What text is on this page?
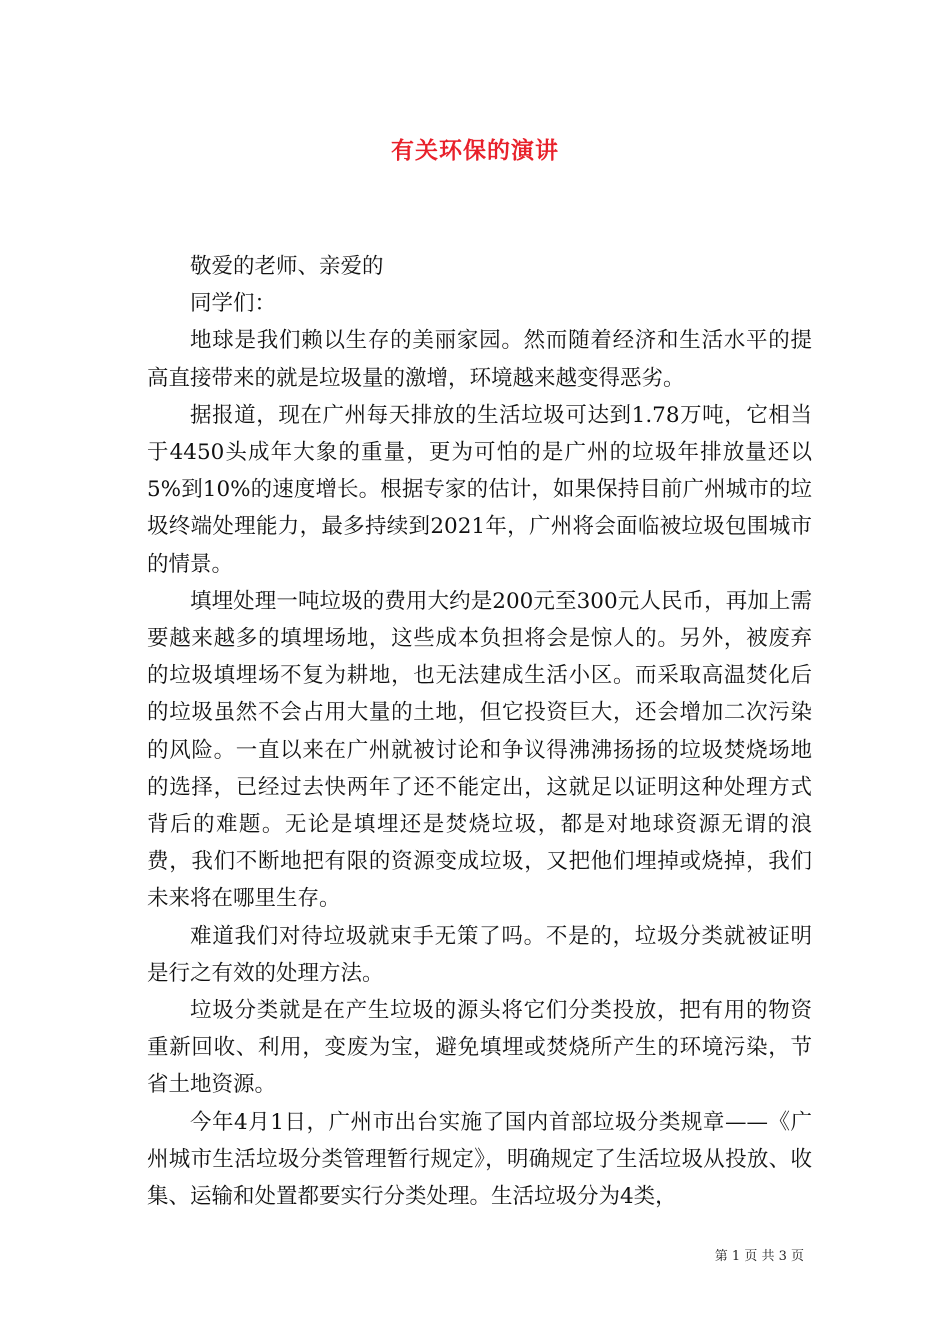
有关环保的演讲

敬爱的老师、亲爱的

同学们：

地球是我们赖以生存的美丽家园。然而随着经济和生活水平的提高直接带来的就是垃圾量的激增，环境越来越变得恶劣。

据报道，现在广州每天排放的生活垃圾可达到1.78万吨，它相当于4450头成年大象的重量，更为可怕的是广州的垃圾年排放量还以5%到10%的速度增长。根据专家的估计，如果保持目前广州城市的垃圾终端处理能力，最多持续到2021年，广州将会面临被垃圾包围城市的情景。

填埋处理一吨垃圾的费用大约是200元至300元人民币，再加上需要越来越多的填埋场地，这些成本负担将会是惊人的。另外，被废弃的垃圾填埋场不复为耕地，也无法建成生活小区。而采取高温焚化后的垃圾虽然不会占用大量的土地，但它投资巨大，还会增加二次污染的风险。一直以来在广州就被讨论和争议得沸沸扬扬的垃圾焚烧场地的选择，已经过去快两年了还不能定出，这就足以证明这种处理方式背后的难题。无论是填埋还是焚烧垃圾，都是对地球资源无谓的浪费，我们不断地把有限的资源变成垃圾，又把他们埋掉或烧掉，我们未来将在哪里生存。

难道我们对待垃圾就束手无策了吗。不是的，垃圾分类就被证明是行之有效的处理方法。

垃圾分类就是在产生垃圾的源头将它们分类投放，把有用的物资重新回收、利用，变废为宝，避免填埋或焚烧所产生的环境污染，节省土地资源。

今年4月1日，广州市出台实施了国内首部垃圾分类规章——《广州城市生活垃圾分类管理暂行规定》，明确规定了生活垃圾从投放、收集、运输和处置都要实行分类处理。生活垃圾分为4类，

第 1 页 共 3 页
